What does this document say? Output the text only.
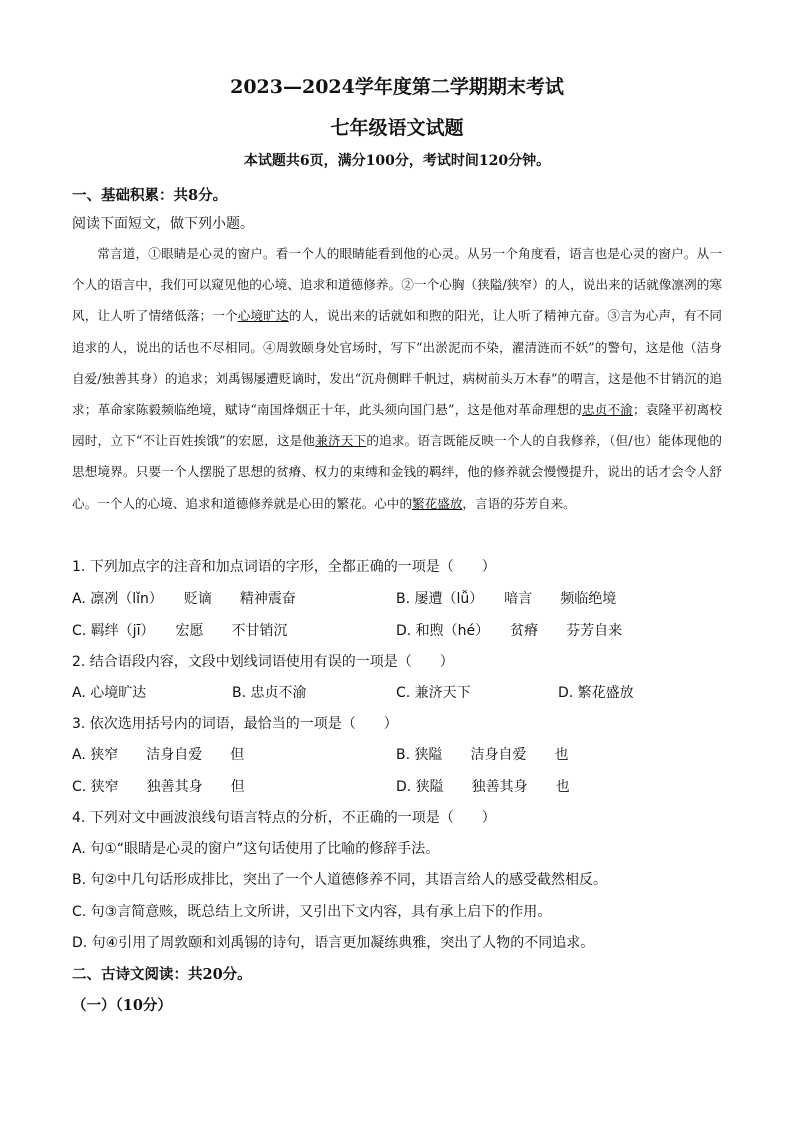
2023—2024学年度第二学期期末考试
七年级语文试题
本试题共6页，满分100分，考试时间120分钟。
一、基础积累：共8分。
阅读下面短文，做下列小题。

常言道，①眼睛是心灵的窗户。看一个人的眼睛能看到他的心灵。从另一个角度看，语言也是心灵的窗户。从一个人的语言中，我们可以窥见他的心境、追求和道德修养。②一个心胸（狭隘/狭窄）的人，说出来的话就像凛冽的寒风，让人听了情绪低落；一个心境旷达的人，说出来的话就如和煦的阳光，让人听了精神亢奋。③言为心声，有不同追求的人，说出的话也不尽相同。④周敦颐身处官场时，写下“出淤泥而不染，濯清涟而不妖”的警句，这是他（洁身自爱/独善其身）的追求；刘禹锡屡遭贬谪时，发出“沉舟侧畔千帆过，病树前头万木春”的喟言，这是他不甘销沉的追求；革命家陈毅频临绝境，赋诗“南国烽烟正十年，此头须向国门悬”，这是他对革命理想的忠贞不渝；袁隆平初离校园时，立下“不让百姓挨饿”的宏愿，这是他兼济天下的追求。语言既能反映一个人的自我修养，（但/也）能体现他的思想境界。只要一个人摆脱了思想的贫瘠、权力的束缚和金钱的羁绊，他的修养就会慢慢提升，说出的话才会令人舒心。一个人的心境、追求和道德修养就是心田的繁花。心中的繁花盛放，言语的芬芳自来。

1. 下列加点字的注音和加点词语的字形，全都正确的一项是（　　）
A. 凛冽（lǐn）　　贬谪　　精神震奋	B. 屡遭（lǚ）　　喑言　　频临绝境
C. 羁绊（jī）　　宏愿　　不甘销沉	D. 和煦（hé）　　贫瘠　　芬芳自来
2. 结合语段内容，文段中划线词语使用有误的一项是（　　）
A. 心境旷达	B. 忠贞不渝	C. 兼济天下	D. 繁花盛放
3. 依次选用括号内的词语，最恰当的一项是（　　）
A. 狭窄　　洁身自爱　　但	B. 狭隘　　洁身自爱　　也
C. 狭窄　　独善其身　　但	D. 狭隘　　独善其身　　也
4. 下列对文中画波浪线句语言特点的分析，不正确的一项是（　　）
A. 句①“眼睛是心灵的窗户”这句话使用了比喻的修辞手法。
B. 句②中几句话形成排比，突出了一个人道德修养不同，其语言给人的感受截然相反。
C. 句③言简意赅，既总结上文所讲，又引出下文内容，具有承上启下的作用。
D. 句④引用了周敦颐和刘禹锡的诗句，语言更加凝练典雅，突出了人物的不同追求。
二、古诗文阅读：共20分。
（一）（10分）
